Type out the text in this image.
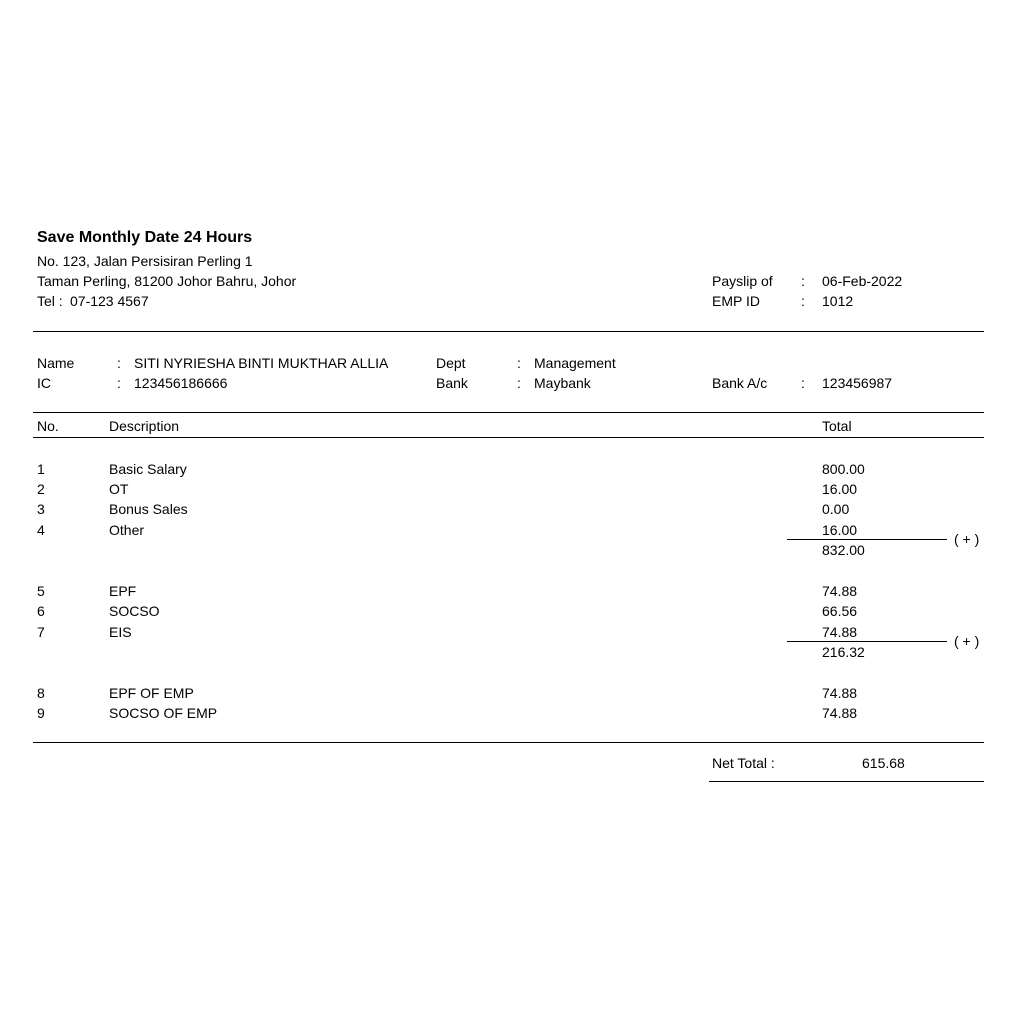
Save Monthly Date 24 Hours
No. 123, Jalan Persisiran Perling 1
Taman Perling, 81200 Johor Bahru, Johor
Tel : 07-123 4567
Payslip of : 06-Feb-2022
EMP ID	: 1012
Name	: SITI NYRIESHA BINTI MUKTHAR ALLIA	Dept	: Management
IC	: 123456186666	Bank	: Maybank	Bank A/c : 123456987
No.	Description	Total
1	Basic Salary	800.00
2	OT	16.00
3	Bonus Sales	0.00
4	Other	16.00
( + )
832.00
5	EPF	74.88
6	SOCSO	66.56
7	EIS	74.88
( + )
216.32
8	EPF OF EMP	74.88
9	SOCSO OF EMP	74.88
Net Total :	615.68
